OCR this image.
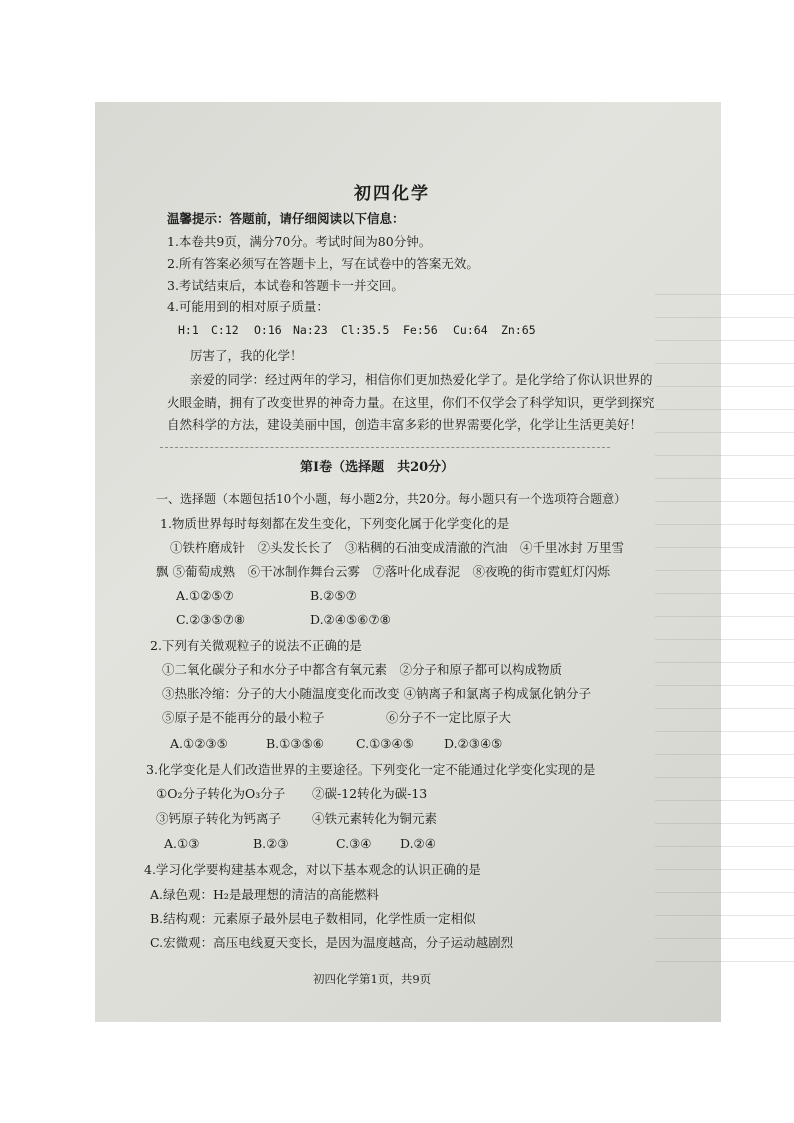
初四化学
温馨提示：答题前，请仔细阅读以下信息：
1.本卷共9页，满分70分。考试时间为80分钟。
2.所有答案必须写在答题卡上，写在试卷中的答案无效。
3.考试结束后，本试卷和答题卡一并交回。
4.可能用到的相对原子质量：
H:1 C:12 O:16 Na:23 Cl:35.5 Fe:56 Cu:64 Zn:65
厉害了，我的化学！
亲爱的同学：经过两年的学习，相信你们更加热爱化学了。是化学给了你认识世界的
火眼金睛，拥有了改变世界的神奇力量。在这里，你们不仅学会了科学知识，更学到探究
自然科学的方法，建设美丽中国，创造丰富多彩的世界需要化学，化学让生活更美好！
第Ⅰ卷（选择题　共20分）
一、选择题（本题包括10个小题，每小题2分，共20分。每小题只有一个选项符合题意）
1.物质世界每时每刻都在发生变化，下列变化属于化学变化的是
①铁杵磨成针　②头发长长了　③粘稠的石油变成清澈的汽油　④千里冰封 万里雪
飘 ⑤葡萄成熟　⑥干冰制作舞台云雾　⑦落叶化成春泥　⑧夜晚的街市霓虹灯闪烁
A.①②⑤⑦	B.②⑤⑦
C.②③⑤⑦⑧	D.②④⑤⑥⑦⑧
2.下列有关微观粒子的说法不正确的是
①二氧化碳分子和水分子中都含有氧元素　②分子和原子都可以构成物质
③热胀冷缩：分子的大小随温度变化而改变 ④钠离子和氯离子构成氯化钠分子
⑤原子是不能再分的最小粒子	⑥分子不一定比原子大
A.①②③⑤	B.①③⑤⑥	C.①③④⑤ D.②③④⑤
3.化学变化是人们改造世界的主要途径。下列变化一定不能通过化学变化实现的是
①O₂分子转化为O₃分子 ②碳-12转化为碳-13
③钙原子转化为钙离子 ④铁元素转化为铜元素
A.①③	B.②③	C.③④ D.②④
4.学习化学要构建基本观念，对以下基本观念的认识正确的是
A.绿色观：H₂是最理想的清洁的高能燃料
B.结构观：元素原子最外层电子数相同，化学性质一定相似
C.宏微观：高压电线夏天变长，是因为温度越高，分子运动越剧烈
初四化学第1页，共9页
